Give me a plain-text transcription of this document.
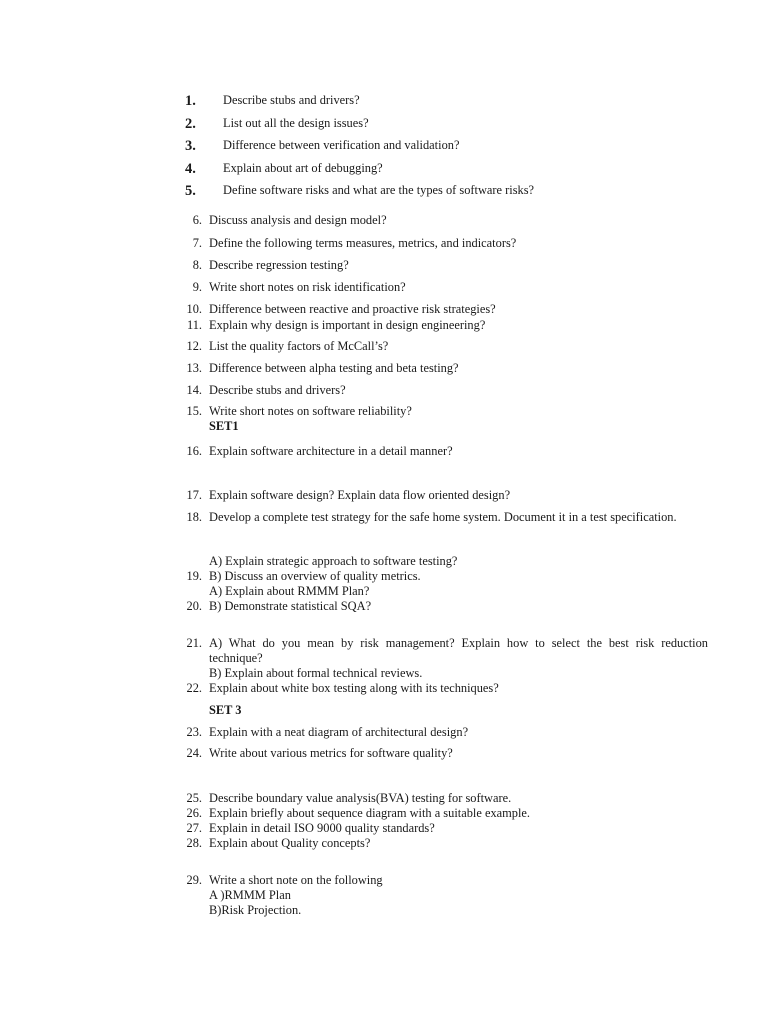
1. Describe stubs and drivers?
2. List out all the design issues?
3. Difference between verification and validation?
4. Explain about art of debugging?
5. Define software risks and what are the types of software risks?
6. Discuss analysis and design model?
7. Define the following terms measures, metrics, and indicators?
8. Describe regression testing?
9. Write short notes on risk identification?
10. Difference between reactive and proactive risk strategies?
11. Explain why design is important in design engineering?
12. List the quality factors of McCall’s?
13. Difference between alpha testing and beta testing?
14. Describe stubs and drivers?
15. Write short notes on software reliability?
SET1
16. Explain software architecture in a detail manner?
17. Explain software design? Explain data flow oriented design?
18. Develop a complete test strategy for the safe home system. Document it in a test specification.
A) Explain strategic approach to software testing?
19. B) Discuss an overview of quality metrics.
A) Explain about RMMM Plan?
20. B) Demonstrate statistical SQA?
21. A) What do you mean by risk management? Explain how to select the best risk reduction
technique?
B) Explain about formal technical reviews.
22. Explain about white box testing along with its techniques?
SET 3
23. Explain with a neat diagram of architectural design?
24. Write about various metrics for software quality?
25. Describe boundary value analysis(BVA) testing for software.
26. Explain briefly about sequence diagram with a suitable example.
27. Explain in detail ISO 9000 quality standards?
28. Explain about Quality concepts?
29. Write a short note on the following
A )RMMM Plan
B)Risk Projection.
